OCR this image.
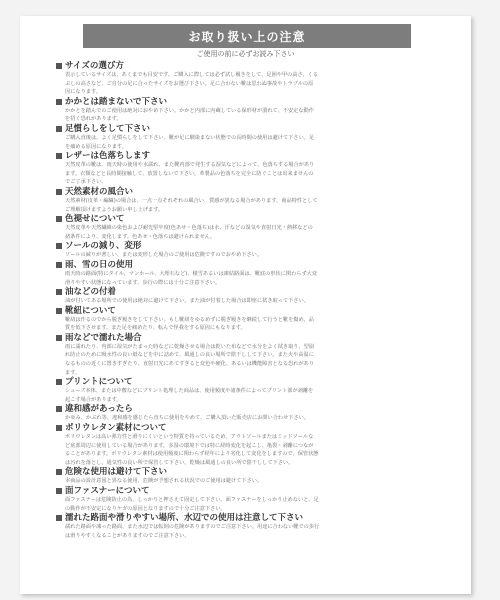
お取り扱い上の注意
ご使用の前に必ずお読み下さい
サイズの選び方
表示しているサイズは、あくまでも目安です。ご購入に際しては必ず試し履きをして、足囲や甲の高さ、くる
ぶしの高さなど、ご自分の足に合ったサイズをお選び下さい。足に合わない靴は思わぬ事故やトラブルの原
因になります。
かかとは踏まないで下さい
かかとを踏んでのご使用は絶対におやめ下さい。かかと内部に内蔵している保形材が潰れて、不安定な動作
を招く恐れがあります。
足慣らしをして下さい
ご購入直後は、よく足慣らしをして下さい。靴が足に馴染まない状態での長時間の使用は避けて下さい。足
を痛める原因になります。
レザーは色落ちします
天然皮革の靴は、雨天時の使用や水濡れ、また靴内部で発生する湿気などによって、色落ちする場合があり
ます。衣類などと長時間接触して、放置しないで下さい。革製品の色落ちを完全に防ぐことは出来ませんの
でご了承下さい。
天然素材の風合い
天然素材(皮革・編織)の場合は、一点一点それぞれの風合い、質感が異なる場合があります。商品特性として
ご理解頂けますようお願い申し上げます。
色褪せについて
天然皮革や天然繊維の染色および耐光堅牢度(色あせ・色落ち)は水、汗などの湿気や直射日光・熱移などの
諸条件により、変化します。色あせ・色落ちは避けられません。
ソールの減り、変形
ソールの減りが著しい、または変形した場合のご使用は危険ですのでおやめ下さい。
雨、雪の日の使用
雨天時の路面(特にタイル、マンホール、大理石など)、積雪あるいは凍結路面は、靴底の形状に関わらず大変
滑りやすい状態になっています。歩行の際には十分ご注意下さい。
油などの付着
油が付いてある場所での使用は絶対に避けて下さい。また油が付着した場合は即座に拭き取って下さい。
靴紐について
靴紐は作るのでから脱ぎ履きをして下さい。もし靴紐をゆるめずに脱ぎ履きを継続して行うと靴を傷め、品
質を低下させます。また足を痛めたり、転んで怪我をする原因にもなります。
雨などで濡れた場合
雨に濡れたり、内部に湿気がたまった時などに乾燥させる場合は乾いた布などで水分をよく拭き取り、型崩
れ防止のために吸水性の良い紙などを中に詰めて、風通しの良い場所で陰干しして下さい。また火や高温に
なるものの近くに置きすぎたり、直射日光にあてすぎると変色や硬化、あるいは機能障害となる恐れがあり
ます。
プリントについて
シューズ本体、または中敷などにプリント処理した商品は、使用頻度や諸条件によってプリント部が剥離を
起こす場合があります。
違和感があったら
かゆみ、かぶれ等、違和感を感じたら直ちに使用をやめて、ご購入頂いた販売店にお問い合わせ下さい。
ポリウレタン素材について
ポリウレタンは高い弾力性と滑りにくいという特質を持っているため、アウトソールまたはミッドソールな
ど底部周辺に使用している場合があります。多湿の環境下では特に経時変化を起こし、亀裂・剥離につなが
ることがあります。ポリウレタン素材は使用頻度に関わらず経年により劣化して変化をしますので、保管状態
は汚れを落とし、通気性の良い所で保管して下さい。乾燥は風通しの良い所で陰干しして下さい。
危険な使用は避けて下さい
本商品の設計意図と異なる使用、危険が予想される状況でのご使用は避けて下さい。
面ファスナーについて
面ファスナーは危険防止の為、しっかりと押さえて固定して下さい。面ファスナーをしっかり止めないと、足
の動作が不安定になりケガの原因となりますので十分ご注意下さい。
濡れた路面や滑りやすい場所、水辺での使用は注意して下さい
濡れた路面や凍った路面、また水辺では転倒の危険がありますのでご注意下さい。用途に合わない靴での歩行
は滑りやすくなることがありますのでご注意下さい。
